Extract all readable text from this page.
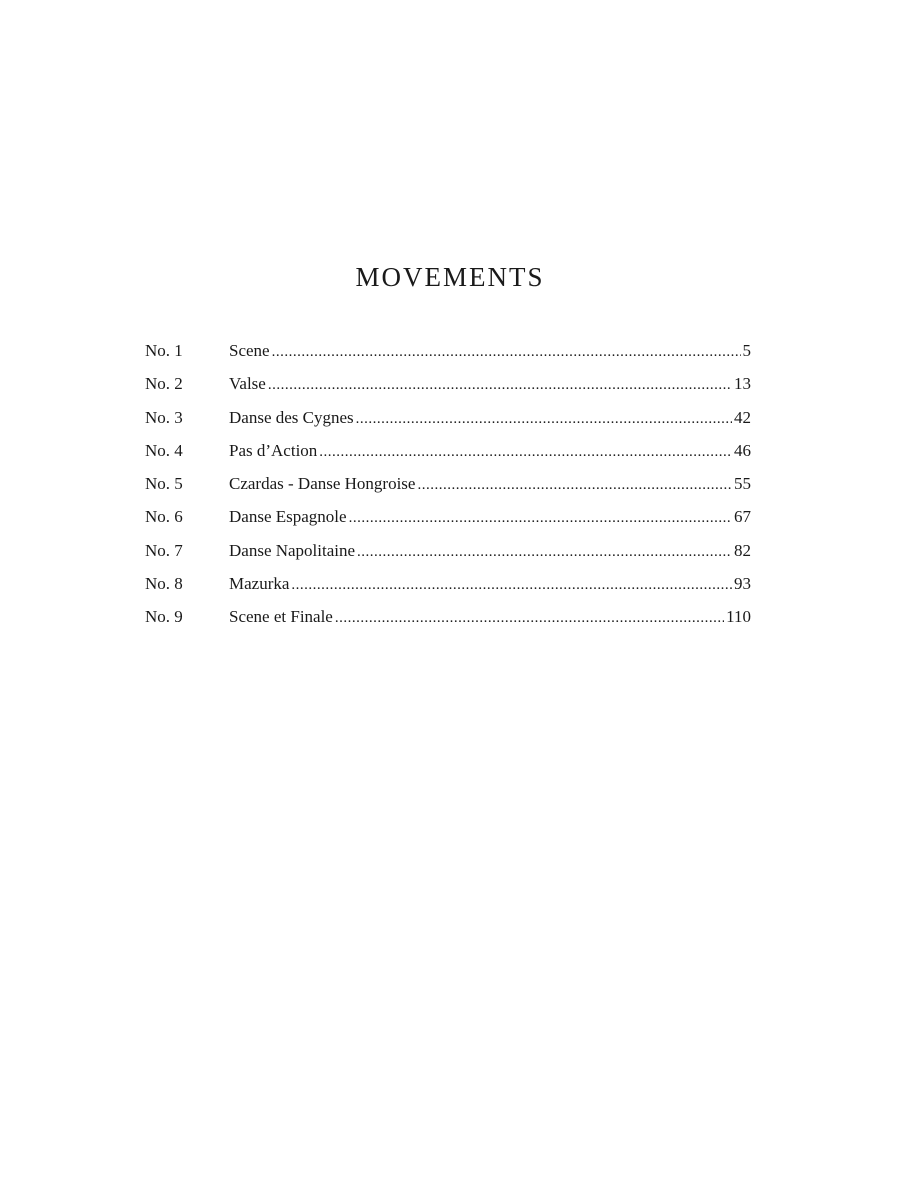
MOVEMENTS
No. 1	Scene .....	5
No. 2	Valse .....	13
No. 3	Danse des Cygnes .....	42
No. 4	Pas d’Action .....	46
No. 5	Czardas - Danse Hongroise .....	55
No. 6	Danse Espagnole .....	67
No. 7	Danse Napolitaine .....	82
No. 8	Mazurka .....	93
No. 9	Scene et Finale .....	110
